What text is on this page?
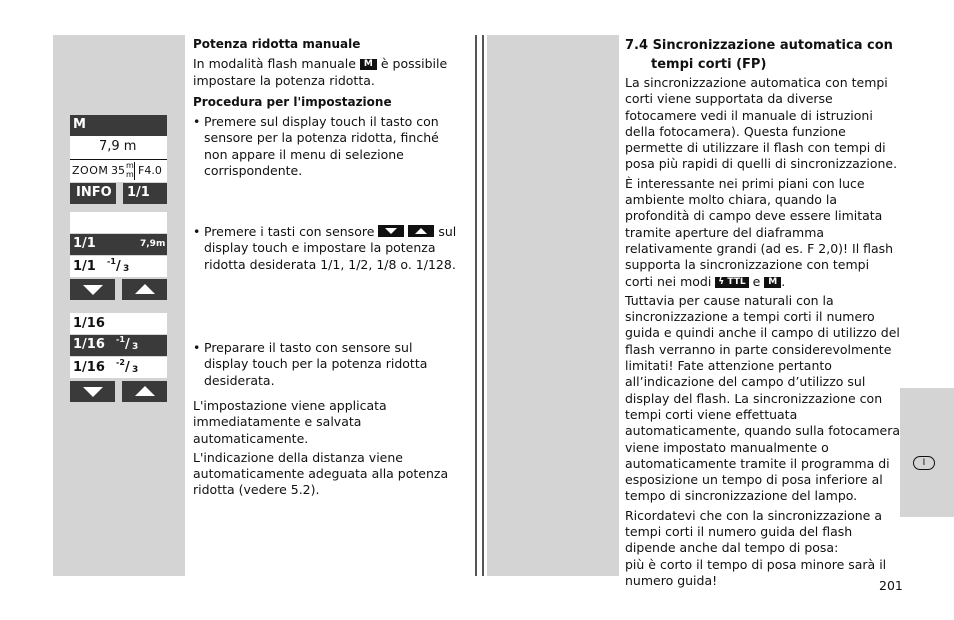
M
7,9 m
ZOOM 35 m
m F4.0
INFO 1/1
1/1	7,9m
1/1 -1 / 3
1/16
1/16 -1 / 3
1/16 -2 / 3

Potenza ridotta manuale

In modalità flash manuale M è possibile impostare la potenza ridotta.

Procedura per l'impostazione

• Premere sul display touch il tasto con sensore per la potenza ridotta, finché non appare il menu di selezione corrispondente.
• Premere i tasti con sensore	sul display touch e impostare la potenza ridotta desiderata 1/1, 1/2, 1/8 o. 1/128.
• Preparare il tasto con sensore sul display touch per la potenza ridotta desiderata.

L'impostazione viene applicata immediatamente e salvata automaticamente.

L'indicazione della distanza viene automaticamente adeguata alla potenza ridotta (vedere 5.2).

7.4 Sincronizzazione automatica con
tempi corti (FP)

La sincronizzazione automatica con tempi corti viene supportata da diverse fotocamere vedi il manuale di istruzioni della fotocamera). Questa funzione permette di utilizzare il flash con tempi di posa più rapidi di quelli di sincronizzazione.

È interessante nei primi piani con luce ambiente molto chiara, quando la profondità di campo deve essere limitata tramite aperture del diaframma relativamente grandi (ad es. F 2,0)! Il flash supporta la sincronizzazione con tempi corti nei modi ϟ TTL e M .

Tuttavia per cause naturali con la sincronizzazione a tempi corti il numero guida e quindi anche il campo di utilizzo del flash verranno in parte considerevolmente limitati! Fate attenzione pertanto all’indicazione del campo d’utilizzo sul display del flash. La sincronizzazione con tempi corti viene effettuata automaticamente, quando sulla fotocamera viene impostato manualmente o automaticamente tramite il programma di esposizione un tempo di posa inferiore al tempo di sincronizzazione del lampo.

Ricordatevi che con la sincronizzazione a tempi corti il numero guida del flash dipende anche dal tempo di posa:

più è corto il tempo di posa minore sarà il numero guida!

I
201
